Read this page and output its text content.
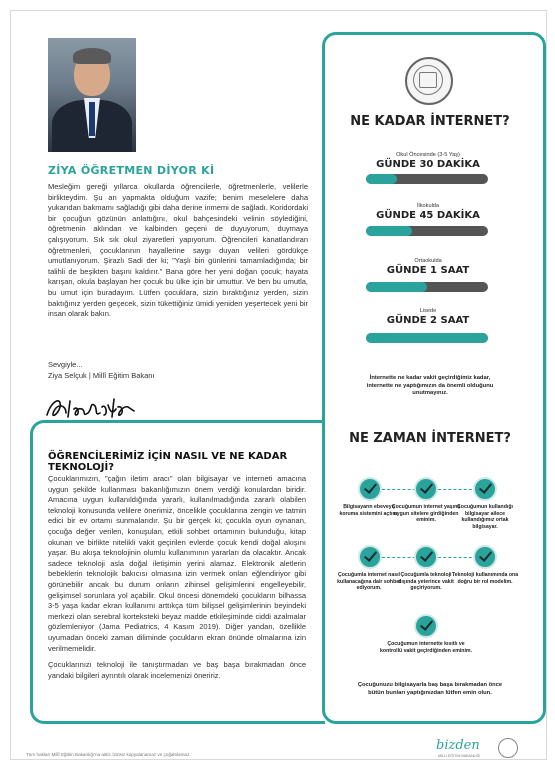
ZİYA ÖĞRETMEN DİYOR Kİ
Mesleğim gereği yıllarca okullarda öğrencilerle, öğretmenlerle, velilerle birlikteydim. Şu an yapmakta olduğum vazife; benim meselelere daha yukarıdan bakmamı sağladığı gibi daha derine inmemi de sağladı. Koridordaki bir çocuğun gözünün anlattığını, okul bahçesindeki velinin söylediğini, öğretmenin aklından ve kalbinden geçeni de duyuyorum, duymaya çalışıyorum. Sık sık okul ziyaretleri yapıyorum. Öğrencileri kanatlandıran öğretmenleri, çocuklarının hayallerine saygı duyan velileri gördükçe umutlanıyorum. Şirazlı Sadi der ki; "Yaşlı biri günlerini tamamladığında; bir talihli de beşikten başını kaldırır." Bana göre her yeni doğan çocuk; hayata karışan, okula başlayan her çocuk bu ülke için bir umuttur. Ve ben bu umutla, bu umut için buradayım. Lütfen çocuklara, sizin bıraktığınız yerden, sizin baktığınız yerden geçecek, sizin tükettiğiniz ümidi yeniden yeşertecek yeni bir insan olarak bakın.
Sevgiyle...
Ziya Selçuk | Millî Eğitim Bakanı
ÖĞRENCİLERİMİZ İÇİN NASIL VE NE KADAR TEKNOLOJİ?

Çocuklarımızın, "çağın iletim aracı" olan bilgisayar ve interneti amacına uygun şekilde kullanması bakanlığımızın önem verdiği konulardan biridir. Amacına uygun kullanıldığında yararlı, kullanılmadığında zararlı olabilen teknoloji konusunda velilere önerimiz, öncelikle çocuklarına zengin ve tatmin edici bir ev ortamı sunmalarıdır. Şu bir gerçek ki; çocukla oyun oynanan, çocuğa değer verilen, konuşulan, etkili sohbet ortamının bulunduğu, kitap okunan ve birlikte nitelikli vakit geçirilen evlerde çocuk kendi doğal akışını yaşar. Bu akışa teknolojinin olumlu kullanımının yararları da olacaktır. Ancak sadece teknoloji asla doğal iletişimin yerini alamaz. Elektronik aletlerin bebeklerin teknolojik bakıcısı olmasına izin vermek onları eğlendiriyor gibi görünebilir ancak bu durum onların zihinsel gelişimlerini engelleyebilir, gelişimsel sorunlara yol açabilir. Okul öncesi dönemdeki çocukların bilhassa 3-5 yaşa kadar ekran kullanımı arttıkça tüm bilişsel gelişimlerinin beyindeki merkezi olan serebral korteksteki beyaz madde etkileşiminde ciddi azalmalar gözlemleniyor (Jama Pediatrics, 4 Kasım 2019). Diğer yandan, özellikle uyumadan önceki zaman diliminde çocukların ekran önünde olmalarına izin verilmemelidir.

Çocuklarınızı teknoloji ile tanıştırmadan ve baş başa bırakmadan önce yandaki bilgileri ayrıntılı olarak incelemenizi öneririz.

NE KADAR İNTERNET?
Okul Öncesinde (3-5 Yaş)
GÜNDE 30 DAKİKA
İlkokulda
GÜNDE 45 DAKİKA
Ortaokulda
GÜNDE 1 SAAT
Lisede
GÜNDE 2 SAAT
İnternette ne kadar vakit geçirdiğimiz kadar, internette ne yaptığımızın da önemli olduğunu unutmayınız.
NE ZAMAN İNTERNET?
Bilgisayarın ebeveyn koruma sistemini açtım.
Çocuğumun internet yaşına uygun sitelere girdiğinden eminim.
Çocuğumun kullandığı bilgisayar ailece kullandığımız ortak bilgisayar.
Çocuğumla internet nasıl kullanacağına dair sohbet ediyorum.
Çocuğumla teknoloji dışında yeterince vakit geçiriyorum.
Teknoloji kullanımında ona doğru bir rol modelim.
Çocuğumun internette kısıtlı ve kontrollü vakit geçirdiğinden eminim.
Çocuğunuzu bilgisayarla baş başa bırakmadan önce bütün bunları yaptığınızdan lütfen emin olun.
Tüm hakları Millî Eğitim Bakanlığı'na aittir. İzinsiz kopyalanamaz ve çoğaltılamaz.
bizden
MİLLİ EĞİTİM BAKANLIĞI
